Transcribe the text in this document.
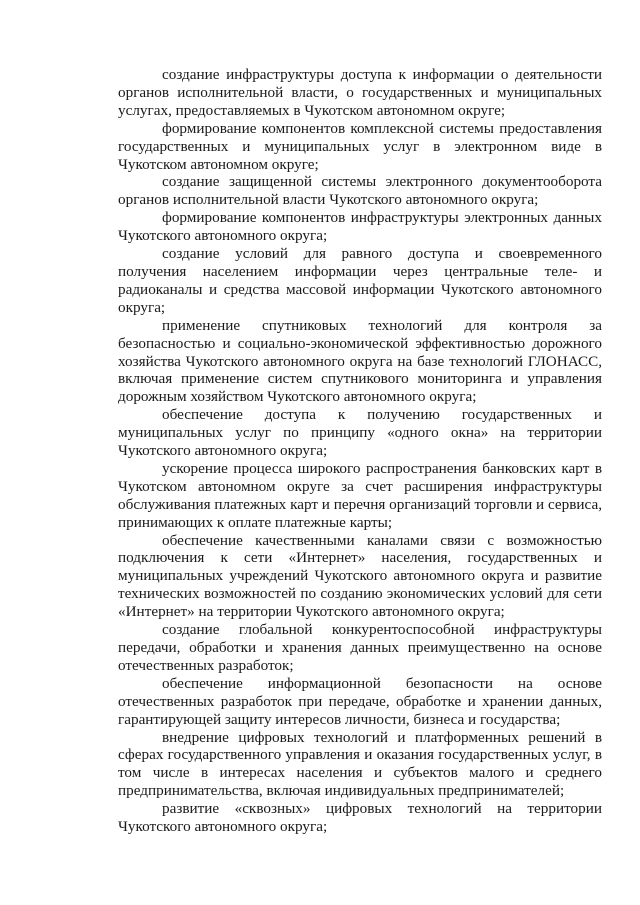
создание инфраструктуры доступа к информации о деятельности органов исполнительной власти, о государственных и муниципальных услугах, предоставляемых в Чукотском автономном округе;

формирование компонентов комплексной системы предоставления государственных и муниципальных услуг в электронном виде в Чукотском автономном округе;

создание защищенной системы электронного документооборота органов исполнительной власти Чукотского автономного округа;

формирование компонентов инфраструктуры электронных данных Чукотского автономного округа;

создание условий для равного доступа и своевременного получения населением информации через центральные теле- и радиоканалы и средства массовой информации Чукотского автономного округа;

применение спутниковых технологий для контроля за безопасностью и социально-экономической эффективностью дорожного хозяйства Чукотского автономного округа на базе технологий ГЛОНАСС, включая применение систем спутникового мониторинга и управления дорожным хозяйством Чукотского автономного округа;

обеспечение доступа к получению государственных и муниципальных услуг по принципу «одного окна» на территории Чукотского автономного округа;

ускорение процесса широкого распространения банковских карт в Чукотском автономном округе за счет расширения инфраструктуры обслуживания платежных карт и перечня организаций торговли и сервиса, принимающих к оплате платежные карты;

обеспечение качественными каналами связи с возможностью подключения к сети «Интернет» населения, государственных и муниципальных учреждений Чукотского автономного округа и развитие технических возможностей по созданию экономических условий для сети «Интернет» на территории Чукотского автономного округа;

создание глобальной конкурентоспособной инфраструктуры передачи, обработки и хранения данных преимущественно на основе отечественных разработок;

обеспечение информационной безопасности на основе отечественных разработок при передаче, обработке и хранении данных, гарантирующей защиту интересов личности, бизнеса и государства;

внедрение цифровых технологий и платформенных решений в сферах государственного управления и оказания государственных услуг, в том числе в интересах населения и субъектов малого и среднего предпринимательства, включая индивидуальных предпринимателей;

развитие «сквозных» цифровых технологий на территории Чукотского автономного округа;
